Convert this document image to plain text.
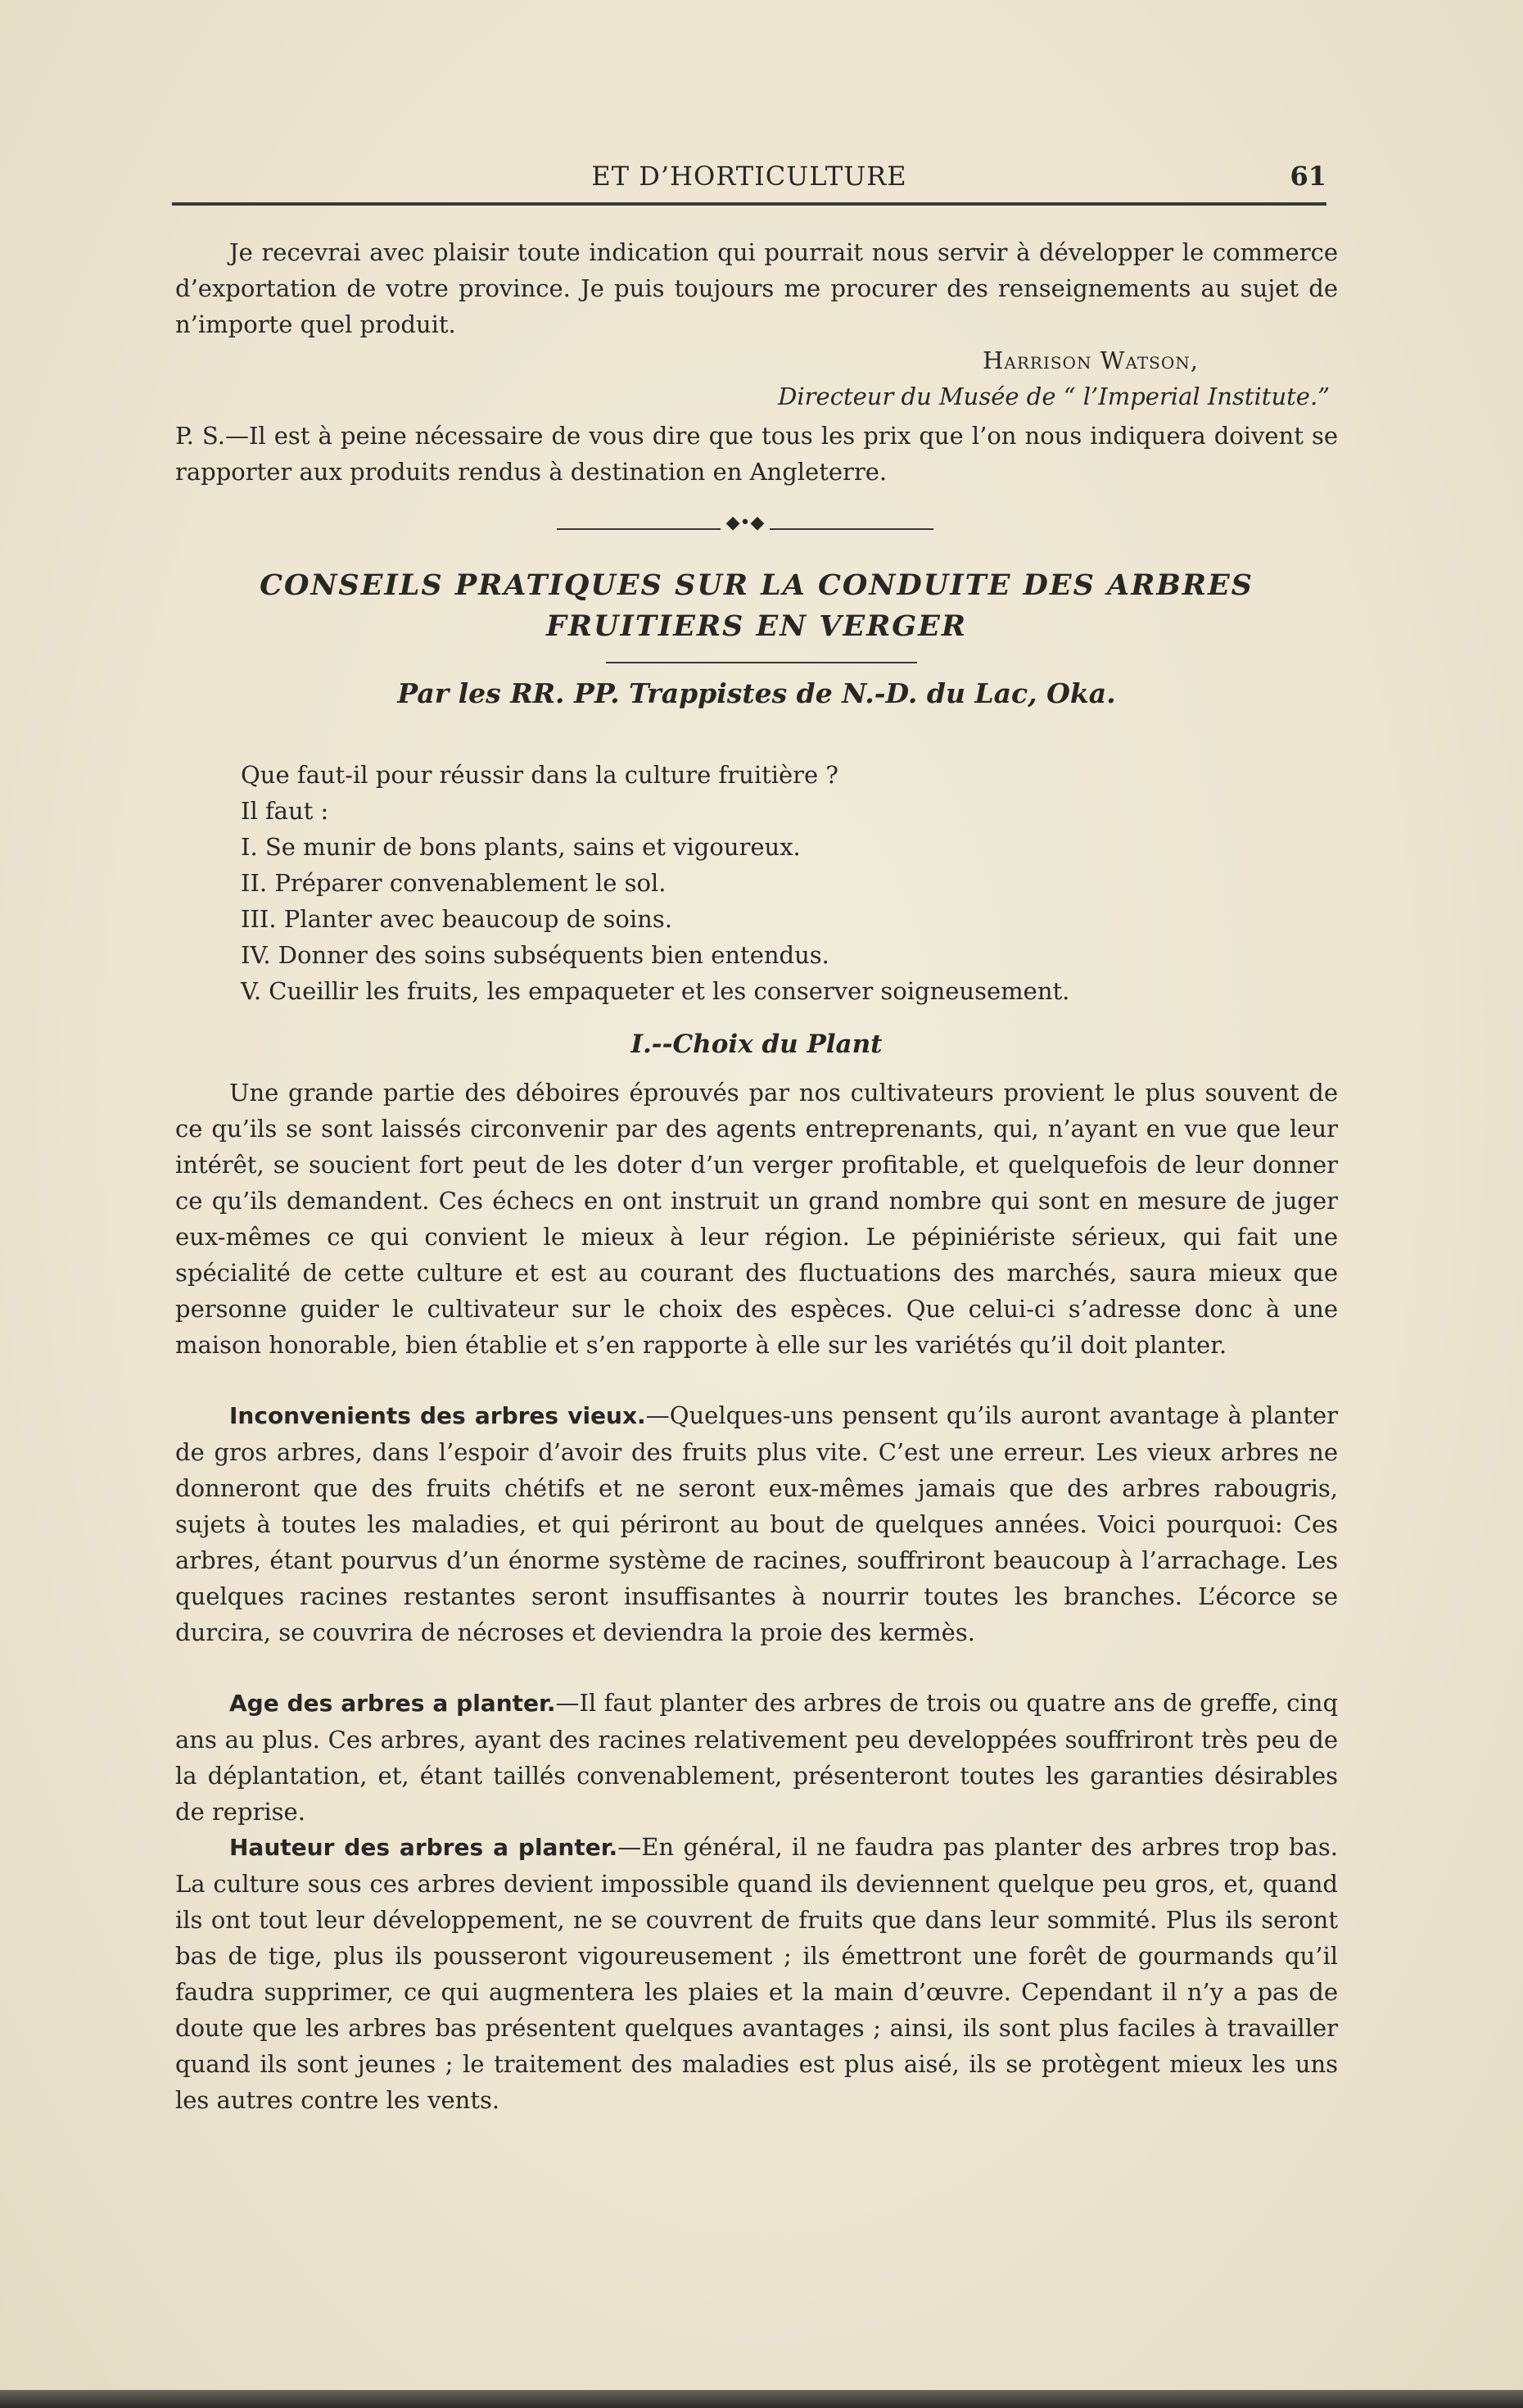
ET D’HORTICULTURE	61
Je recevrai avec plaisir toute indication qui pourrait nous servir à développer le commerce d’exportation de votre province. Je puis toujours me procurer des renseignements au sujet de n’importe quel produit.
Harrison Watson,
Directeur du Musée de “ l’Imperial Institute.”
P. S.—Il est à peine nécessaire de vous dire que tous les prix que l’on nous indiquera doivent se rapporter aux produits rendus à destination en Angleterre.
◆•◆
CONSEILS PRATIQUES SUR LA CONDUITE DES ARBRES
FRUITIERS EN VERGER
Par les RR. PP. Trappistes de N.-D. du Lac, Oka.
Que faut-il pour réussir dans la culture fruitière ?
Il faut :
I. Se munir de bons plants, sains et vigoureux.
II. Préparer convenablement le sol.
III. Planter avec beaucoup de soins.
IV. Donner des soins subséquents bien entendus.
V. Cueillir les fruits, les empaqueter et les conserver soigneusement.
I.--Choix du Plant
Une grande partie des déboires éprouvés par nos cultivateurs provient le plus souvent de ce qu’ils se sont laissés circonvenir par des agents entreprenants, qui, n’ayant en vue que leur intérêt, se soucient fort peut de les doter d’un verger profitable, et quelquefois de leur donner ce qu’ils demandent. Ces échecs en ont instruit un grand nombre qui sont en mesure de juger eux-mêmes ce qui convient le mieux à leur région. Le pépiniériste sérieux, qui fait une spécialité de cette culture et est au courant des fluctuations des marchés, saura mieux que personne guider le cultivateur sur le choix des espèces. Que celui-ci s’adresse donc à une maison honorable, bien établie et s’en rapporte à elle sur les variétés qu’il doit planter.
Inconvenients des arbres vieux.—Quelques-uns pensent qu’ils auront avantage à planter de gros arbres, dans l’espoir d’avoir des fruits plus vite. C’est une erreur. Les vieux arbres ne donneront que des fruits chétifs et ne seront eux-mêmes jamais que des arbres rabougris, sujets à toutes les maladies, et qui périront au bout de quelques années. Voici pourquoi: Ces arbres, étant pourvus d’un énorme système de racines, souffriront beaucoup à l’arrachage. Les quelques racines restantes seront insuffisantes à nourrir toutes les branches. L’écorce se durcira, se couvrira de nécroses et deviendra la proie des kermès.
Age des arbres a planter.—Il faut planter des arbres de trois ou quatre ans de greffe, cinq ans au plus. Ces arbres, ayant des racines relativement peu developpées souffriront très peu de la déplantation, et, étant taillés convenablement, présenteront toutes les garanties désirables de reprise.
Hauteur des arbres a planter.—En général, il ne faudra pas planter des arbres trop bas. La culture sous ces arbres devient impossible quand ils deviennent quelque peu gros, et, quand ils ont tout leur développement, ne se couvrent de fruits que dans leur sommité. Plus ils seront bas de tige, plus ils pousseront vigoureusement ; ils émettront une forêt de gourmands qu’il faudra supprimer, ce qui augmentera les plaies et la main d’œuvre. Cependant il n’y a pas de doute que les arbres bas présentent quelques avantages ; ainsi, ils sont plus faciles à travailler quand ils sont jeunes ; le traitement des maladies est plus aisé, ils se protègent mieux les uns les autres contre les vents.
